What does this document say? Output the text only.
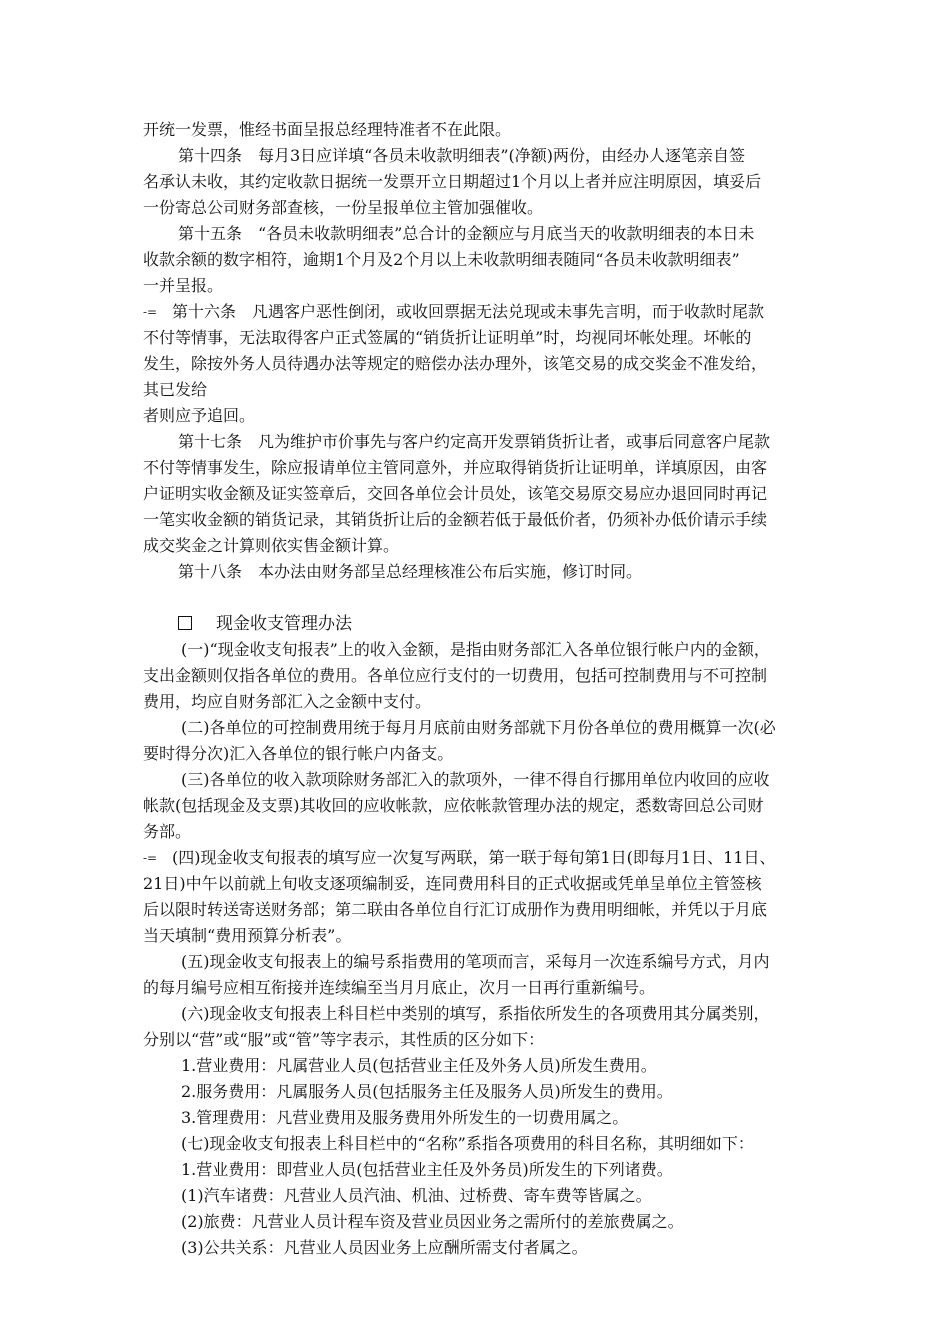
开统一发票，惟经书面呈报总经理特准者不在此限。
第十四条　每月3日应详填“各员未收款明细表”(净额)两份，由经办人逐笔亲自签
名承认未收，其约定收款日据统一发票开立日期超过1个月以上者并应注明原因，填妥后
一份寄总公司财务部查核，一份呈报单位主管加强催收。
第十五条　“各员未收款明细表”总合计的金额应与月底当天的收款明细表的本日未
收款余额的数字相符，逾期1个月及2个月以上未收款明细表随同“各员未收款明细表”
一并呈报。
-= 第十六条　凡遇客户恶性倒闭，或收回票据无法兑现或未事先言明，而于收款时尾款
不付等情事，无法取得客户正式签属的“销货折让证明单”时，均视同坏帐处理。坏帐的
发生，除按外务人员待遇办法等规定的赔偿办法办理外，该笔交易的成交奖金不准发给，
其已发给
者则应予追回。
第十七条　凡为维护市价事先与客户约定高开发票销货折让者，或事后同意客户尾款
不付等情事发生，除应报请单位主管同意外，并应取得销货折让证明单，详填原因，由客
户证明实收金额及证实签章后，交回各单位会计员处，该笔交易原交易应办退回同时再记
一笔实收金额的销货记录，其销货折让后的金额若低于最低价者，仍须补办低价请示手续
成交奖金之计算则依实售金额计算。
第十八条　本办法由财务部呈总经理核准公布后实施，修订时同。
现金收支管理办法
(一)“现金收支旬报表”上的收入金额，是指由财务部汇入各单位银行帐户内的金额，
支出金额则仅指各单位的费用。各单位应行支付的一切费用，包括可控制费用与不可控制
费用，均应自财务部汇入之金额中支付。
(二)各单位的可控制费用统于每月月底前由财务部就下月份各单位的费用概算一次(必
要时得分次)汇入各单位的银行帐户内备支。
(三)各单位的收入款项除财务部汇入的款项外，一律不得自行挪用单位内收回的应收
帐款(包括现金及支票)其收回的应收帐款，应依帐款管理办法的规定，悉数寄回总公司财
务部。
-= (四)现金收支旬报表的填写应一次复写两联，第一联于每旬第1日(即每月1日、11日、
21日)中午以前就上旬收支逐项编制妥，连同费用科目的正式收据或凭单呈单位主管签核
后以限时转送寄送财务部；第二联由各单位自行汇订成册作为费用明细帐，并凭以于月底
当天填制“费用预算分析表”。
(五)现金收支旬报表上的编号系指费用的笔项而言，采每月一次连系编号方式，月内
的每月编号应相互衔接并连续编至当月月底止，次月一日再行重新编号。
(六)现金收支旬报表上科目栏中类别的填写，系指依所发生的各项费用其分属类别，
分别以“营”或“服”或“管”等字表示，其性质的区分如下：
1.营业费用：凡属营业人员(包括营业主任及外务人员)所发生费用。
2.服务费用：凡属服务人员(包括服务主任及服务人员)所发生的费用。
3.管理费用：凡营业费用及服务费用外所发生的一切费用属之。
(七)现金收支旬报表上科目栏中的“名称”系指各项费用的科目名称，其明细如下：
1.营业费用：即营业人员(包括营业主任及外务员)所发生的下列诸费。
(1)汽车诸费：凡营业人员汽油、机油、过桥费、寄车费等皆属之。
(2)旅费：凡营业人员计程车资及营业员因业务之需所付的差旅费属之。
(3)公共关系：凡营业人员因业务上应酬所需支付者属之。
